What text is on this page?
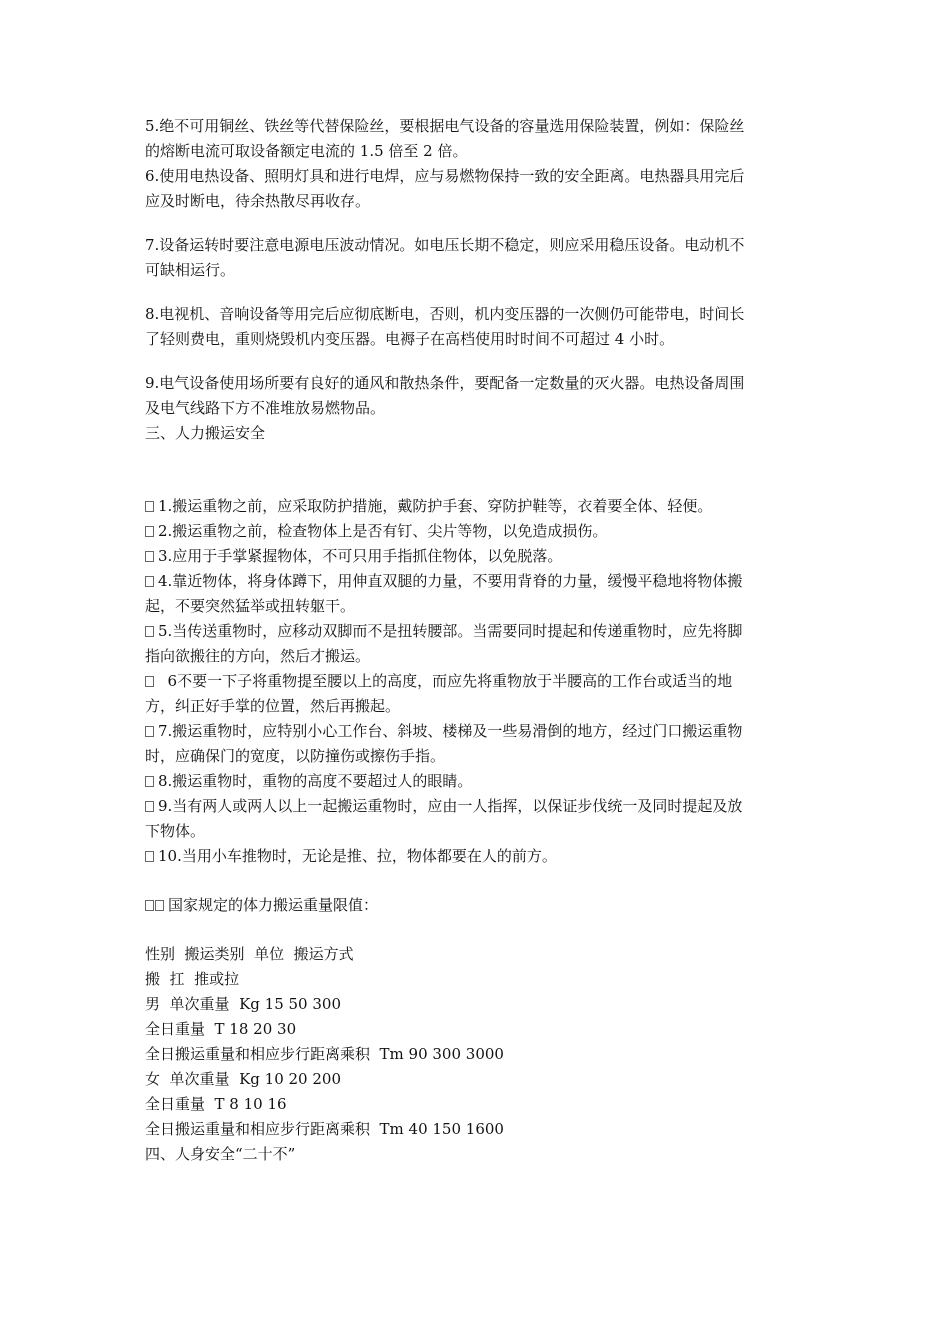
5.绝不可用铜丝、铁丝等代替保险丝，要根据电气设备的容量选用保险装置，例如：保险丝
的熔断电流可取设备额定电流的 1.5 倍至 2 倍。
6.使用电热设备、照明灯具和进行电焊，应与易燃物保持一致的安全距离。电热器具用完后
应及时断电，待余热散尽再收存。
7.设备运转时要注意电源电压波动情况。如电压长期不稳定，则应采用稳压设备。电动机不
可缺相运行。
8.电视机、音响设备等用完后应彻底断电，否则，机内变压器的一次侧仍可能带电，时间长
了轻则费电，重则烧毁机内变压器。电褥子在高档使用时时间不可超过 4 小时。
9.电气设备使用场所要有良好的通风和散热条件，要配备一定数量的灭火器。电热设备周围
及电气线路下方不准堆放易燃物品。
三、人力搬运安全
1.搬运重物之前，应采取防护措施，戴防护手套、穿防护鞋等，衣着要全体、轻便。
2.搬运重物之前，检查物体上是否有钉、尖片等物，以免造成损伤。
3.应用于手掌紧握物体，不可只用手指抓住物体，以免脱落。
4.靠近物体，将身体蹲下，用伸直双腿的力量，不要用背脊的力量，缓慢平稳地将物体搬
起，不要突然猛举或扭转躯干。
5.当传送重物时，应移动双脚而不是扭转腰部。当需要同时提起和传递重物时，应先将脚
指向欲搬往的方向，然后才搬运。
6不要一下子将重物提至腰以上的高度，而应先将重物放于半腰高的工作台或适当的地
方，纠正好手掌的位置，然后再搬起。
7.搬运重物时，应特别小心工作台、斜坡、楼梯及一些易滑倒的地方，经过门口搬运重物
时，应确保门的宽度，以防撞伤或擦伤手指。
8.搬运重物时，重物的高度不要超过人的眼睛。
9.当有两人或两人以上一起搬运重物时，应由一人指挥，以保证步伐统一及同时提起及放
下物体。
10.当用小车推物时，无论是推、拉，物体都要在人的前方。
国家规定的体力搬运重量限值：
性别  搬运类别  单位  搬运方式
搬  扛  推或拉
男  单次重量  Kg 15 50 300
全日重量  T 18 20 30
全日搬运重量和相应步行距离乘积  Tm 90 300 3000
女  单次重量  Kg 10 20 200
全日重量  T 8 10 16
全日搬运重量和相应步行距离乘积  Tm 40 150 1600
四、人身安全“二十不”
